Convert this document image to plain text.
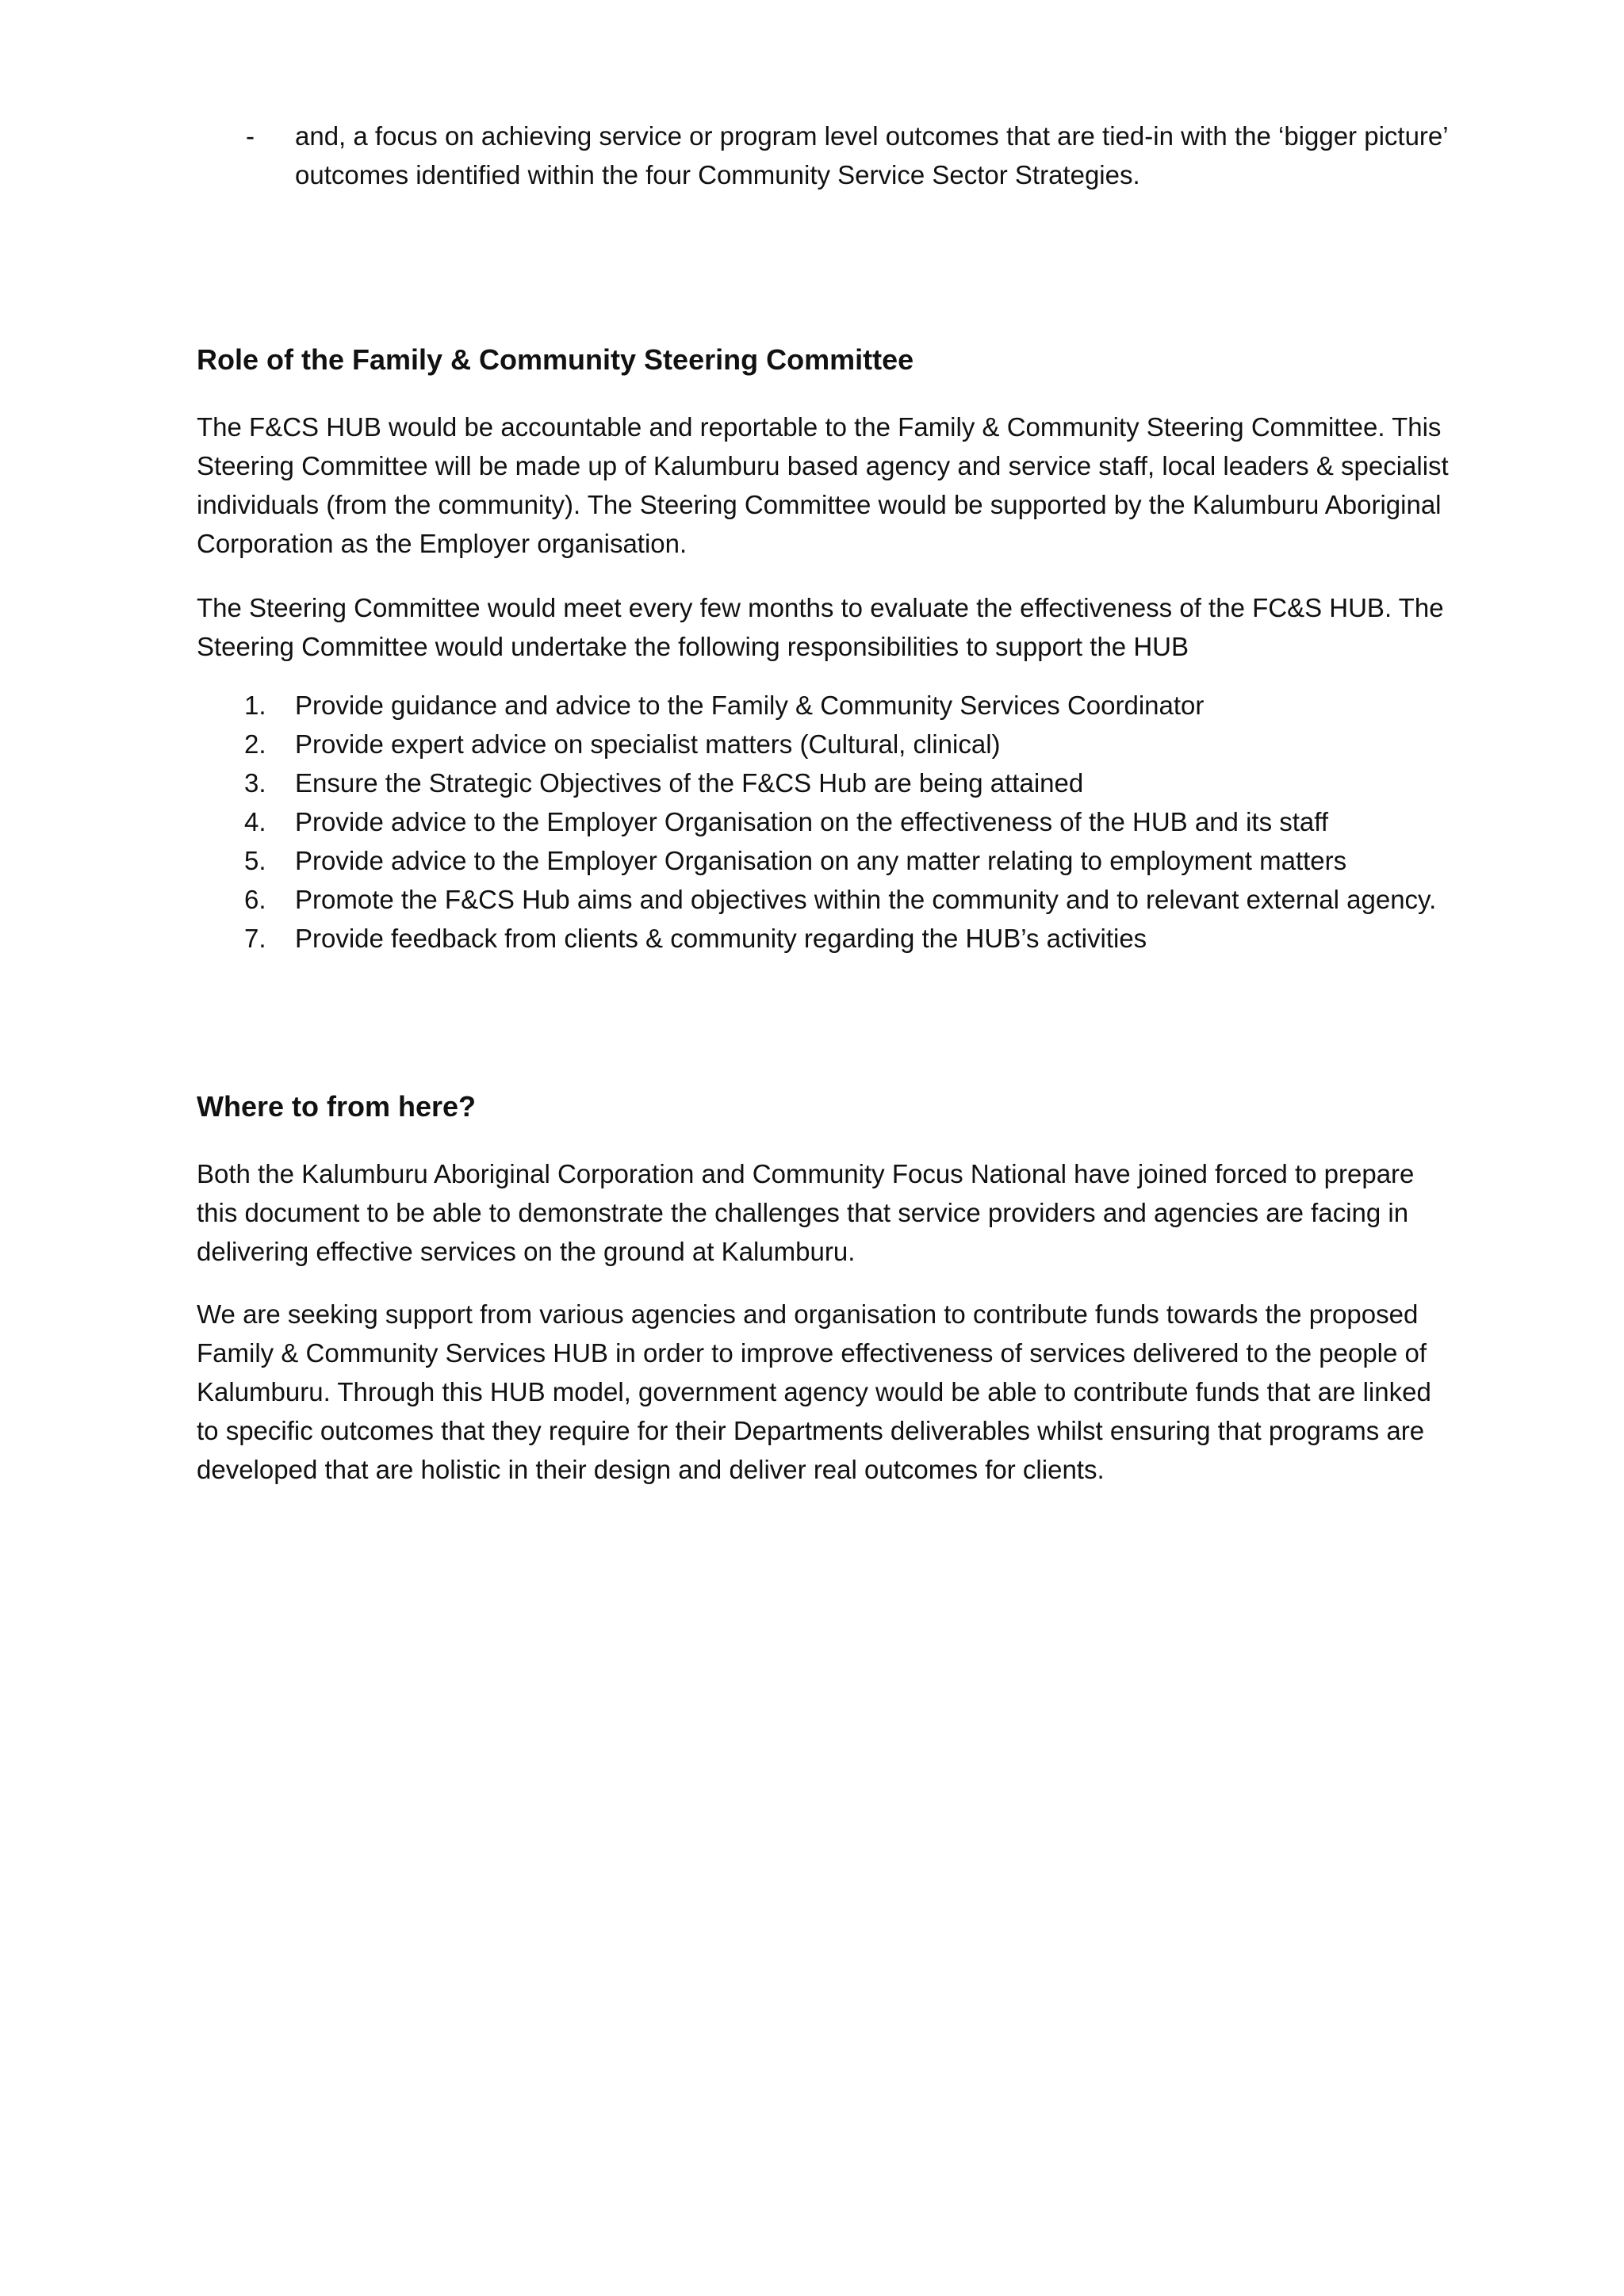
- and, a focus on achieving service or program level outcomes that are tied-in with the ‘bigger picture’ outcomes identified within the four Community Service Sector Strategies.

Role of the Family & Community Steering Committee

The F&CS HUB would be accountable and reportable to the Family & Community Steering Committee. This Steering Committee will be made up of Kalumburu based agency and service staff, local leaders & specialist individuals (from the community). The Steering Committee would be supported by the Kalumburu Aboriginal Corporation as the Employer organisation.

The Steering Committee would meet every few months to evaluate the effectiveness of the FC&S HUB. The Steering Committee would undertake the following responsibilities to support the HUB

1. Provide guidance and advice to the Family & Community Services Coordinator
2. Provide expert advice on specialist matters (Cultural, clinical)
3. Ensure the Strategic Objectives of the F&CS Hub are being attained
4. Provide advice to the Employer Organisation on the effectiveness of the HUB and its staff
5. Provide advice to the Employer Organisation on any matter relating to employment matters
6. Promote the F&CS Hub aims and objectives within the community and to relevant external agency.
7. Provide feedback from clients & community regarding the HUB’s activities
Where to from here?

Both the Kalumburu Aboriginal Corporation and Community Focus National have joined forced to prepare this document to be able to demonstrate the challenges that service providers and agencies are facing in delivering effective services on the ground at Kalumburu.

We are seeking support from various agencies and organisation to contribute funds towards the proposed Family & Community Services HUB in order to improve effectiveness of services delivered to the people of Kalumburu. Through this HUB model, government agency would be able to contribute funds that are linked to specific outcomes that they require for their Departments deliverables whilst ensuring that programs are developed that are holistic in their design and deliver real outcomes for clients.
